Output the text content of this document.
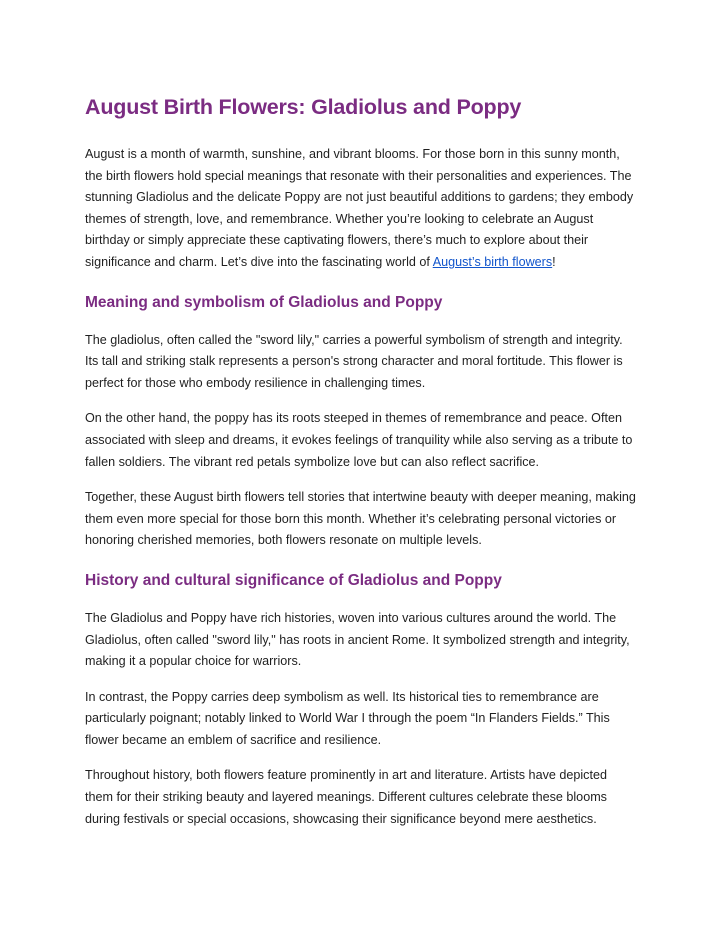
August Birth Flowers: Gladiolus and Poppy

August is a month of warmth, sunshine, and vibrant blooms. For those born in this sunny month, the birth flowers hold special meanings that resonate with their personalities and experiences. The stunning Gladiolus and the delicate Poppy are not just beautiful additions to gardens; they embody themes of strength, love, and remembrance. Whether you’re looking to celebrate an August birthday or simply appreciate these captivating flowers, there’s much to explore about their significance and charm. Let’s dive into the fascinating world of August’s birth flowers!

Meaning and symbolism of Gladiolus and Poppy

The gladiolus, often called the "sword lily," carries a powerful symbolism of strength and integrity. Its tall and striking stalk represents a person's strong character and moral fortitude. This flower is perfect for those who embody resilience in challenging times.

On the other hand, the poppy has its roots steeped in themes of remembrance and peace. Often associated with sleep and dreams, it evokes feelings of tranquility while also serving as a tribute to fallen soldiers. The vibrant red petals symbolize love but can also reflect sacrifice.

Together, these August birth flowers tell stories that intertwine beauty with deeper meaning, making them even more special for those born this month. Whether it’s celebrating personal victories or honoring cherished memories, both flowers resonate on multiple levels.

History and cultural significance of Gladiolus and Poppy

The Gladiolus and Poppy have rich histories, woven into various cultures around the world. The Gladiolus, often called "sword lily," has roots in ancient Rome. It symbolized strength and integrity, making it a popular choice for warriors.

In contrast, the Poppy carries deep symbolism as well. Its historical ties to remembrance are particularly poignant; notably linked to World War I through the poem “In Flanders Fields.” This flower became an emblem of sacrifice and resilience.

Throughout history, both flowers feature prominently in art and literature. Artists have depicted them for their striking beauty and layered meanings. Different cultures celebrate these blooms during festivals or special occasions, showcasing their significance beyond mere aesthetics.
